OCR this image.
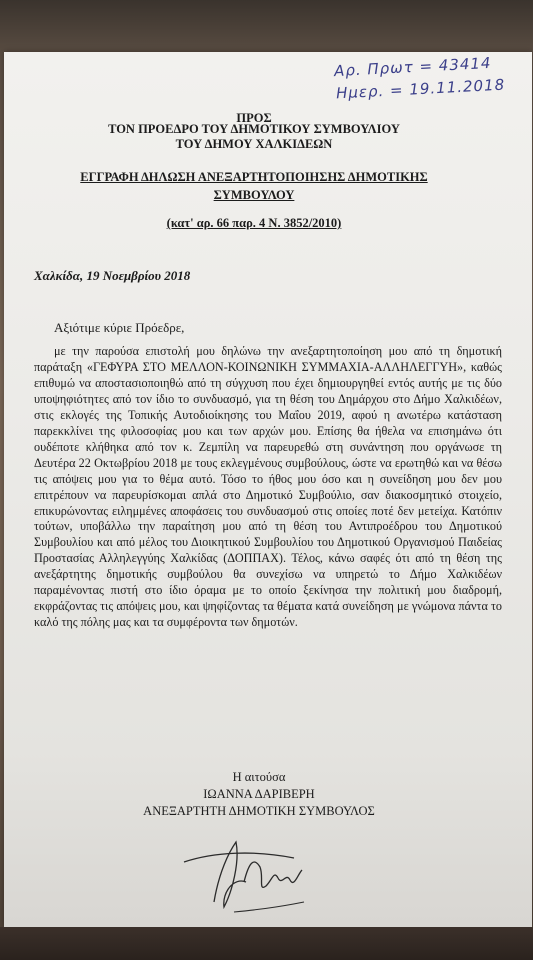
Αρ. Πρωτ = 43414
Ημερ. = 19.11.2018
ΠΡΟΣ
ΤΟΝ ΠΡΟΕΔΡΟ ΤΟΥ ΔΗΜΟΤΙΚΟΥ ΣΥΜΒΟΥΛΙΟΥ
ΤΟΥ ΔΗΜΟΥ ΧΑΛΚΙΔΕΩΝ
ΕΓΓΡΑΦΗ ΔΗΛΩΣΗ ΑΝΕΞΑΡΤΗΤΟΠΟΙΗΣΗΣ ΔΗΜΟΤΙΚΗΣ
ΣΥΜΒΟΥΛΟΥ
(κατ' αρ. 66 παρ. 4 Ν. 3852/2010)
Χαλκίδα, 19 Νοεμβρίου 2018
Αξιότιμε κύριε Πρόεδρε,
με την παρούσα επιστολή μου δηλώνω την ανεξαρτητοποίηση μου από τη δημοτική παράταξη «ΓΕΦΥΡΑ ΣΤΟ ΜΕΛΛΟΝ-ΚΟΙΝΩΝΙΚΗ ΣΥΜΜΑΧΙΑ-ΑΛΛΗΛΕΓΓΥΗ», καθώς επιθυμώ να αποστασιοποιηθώ από τη σύγχυση που έχει δημιουργηθεί εντός αυτής με τις δύο υποψηφιότητες από τον ίδιο το συνδυασμό, για τη θέση του Δημάρχου στο Δήμο Χαλκιδέων, στις εκλογές της Τοπικής Αυτοδιοίκησης του Μαΐου 2019, αφού η ανωτέρω κατάσταση παρεκκλίνει της φιλοσοφίας μου και των αρχών μου. Επίσης θα ήθελα να επισημάνω ότι ουδέποτε κλήθηκα από τον κ. Ζεμπίλη να παρευρεθώ στη συνάντηση που οργάνωσε τη Δευτέρα 22 Οκτωβρίου 2018 με τους εκλεγμένους συμβούλους, ώστε να ερωτηθώ και να θέσω τις απόψεις μου για το θέμα αυτό. Τόσο το ήθος μου όσο και η συνείδηση μου δεν μου επιτρέπουν να παρευρίσκομαι απλά στο Δημοτικό Συμβούλιο, σαν διακοσμητικό στοιχείο, επικυρώνοντας ειλημμένες αποφάσεις του συνδυασμού στις οποίες ποτέ δεν μετείχα. Κατόπιν τούτων, υποβάλλω την παραίτηση μου από τη θέση του Αντιπροέδρου του Δημοτικού Συμβουλίου και από μέλος του Διοικητικού Συμβουλίου του Δημοτικού Οργανισμού Παιδείας Προστασίας Αλληλεγγύης Χαλκίδας (ΔΟΠΠΑΧ). Τέλος, κάνω σαφές ότι από τη θέση της ανεξάρτητης δημοτικής συμβούλου θα συνεχίσω να υπηρετώ το Δήμο Χαλκιδέων παραμένοντας πιστή στο ίδιο όραμα με το οποίο ξεκίνησα την πολιτική μου διαδρομή, εκφράζοντας τις απόψεις μου, και ψηφίζοντας τα θέματα κατά συνείδηση με γνώμονα πάντα το καλό της πόλης μας και τα συμφέροντα των δημοτών.
Η αιτούσα
ΙΩΑΝΝΑ ΔΑΡΙΒΕΡΗ
ΑΝΕΞΑΡΤΗΤΗ ΔΗΜΟΤΙΚΗ ΣΥΜΒΟΥΛΟΣ
